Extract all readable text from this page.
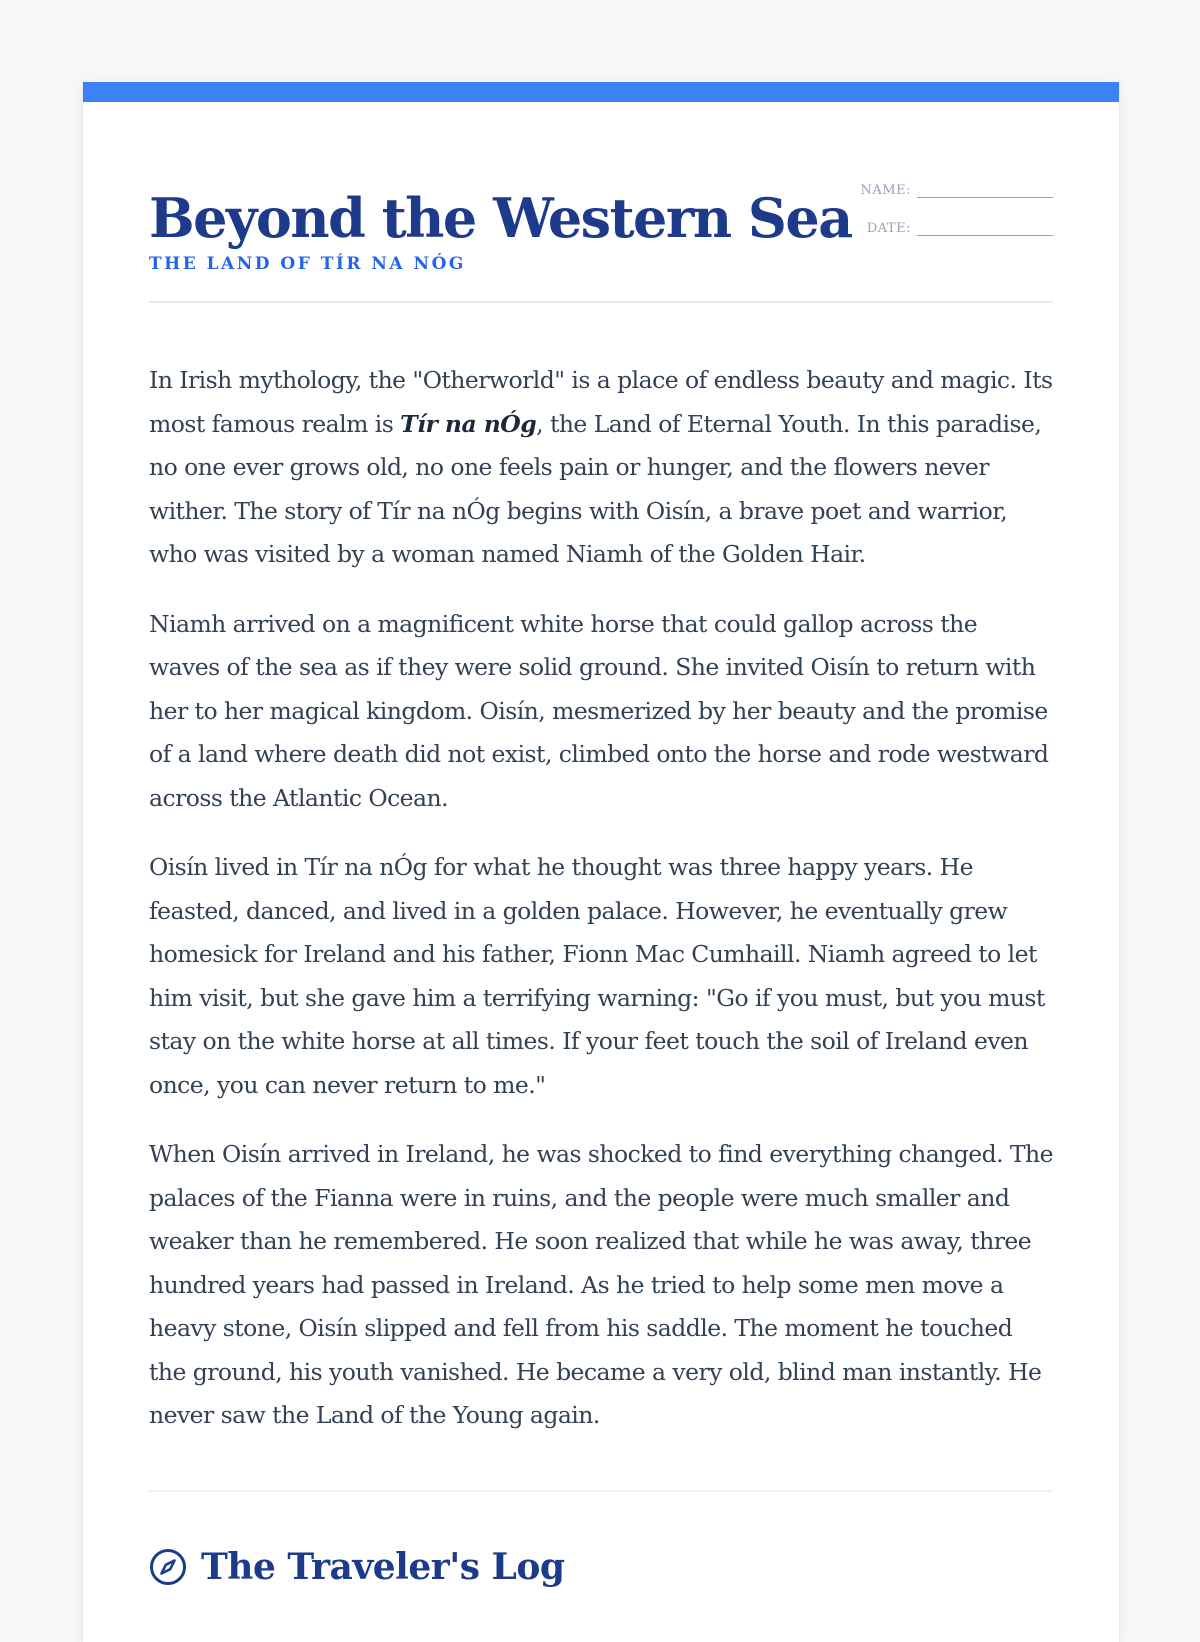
Beyond the Western Sea
THE LAND OF TÍR NA NÓG
NAME:
DATE:

In Irish mythology, the "Otherworld" is a place of endless beauty and magic. Its most famous realm is Tír na nÓg, the Land of Eternal Youth. In this paradise, no one ever grows old, no one feels pain or hunger, and the flowers never wither. The story of Tír na nÓg begins with Oisín, a brave poet and warrior, who was visited by a woman named Niamh of the Golden Hair.

Niamh arrived on a magnificent white horse that could gallop across the waves of the sea as if they were solid ground. She invited Oisín to return with her to her magical kingdom. Oisín, mesmerized by her beauty and the promise of a land where death did not exist, climbed onto the horse and rode westward across the Atlantic Ocean.

Oisín lived in Tír na nÓg for what he thought was three happy years. He feasted, danced, and lived in a golden palace. However, he eventually grew homesick for Ireland and his father, Fionn Mac Cumhaill. Niamh agreed to let him visit, but she gave him a terrifying warning: "Go if you must, but you must stay on the white horse at all times. If your feet touch the soil of Ireland even once, you can never return to me."

When Oisín arrived in Ireland, he was shocked to find everything changed. The palaces of the Fianna were in ruins, and the people were much smaller and weaker than he remembered. He soon realized that while he was away, three hundred years had passed in Ireland. As he tried to help some men move a heavy stone, Oisín slipped and fell from his saddle. The moment he touched the ground, his youth vanished. He became a very old, blind man instantly. He never saw the Land of the Young again.

The Traveler's Log
